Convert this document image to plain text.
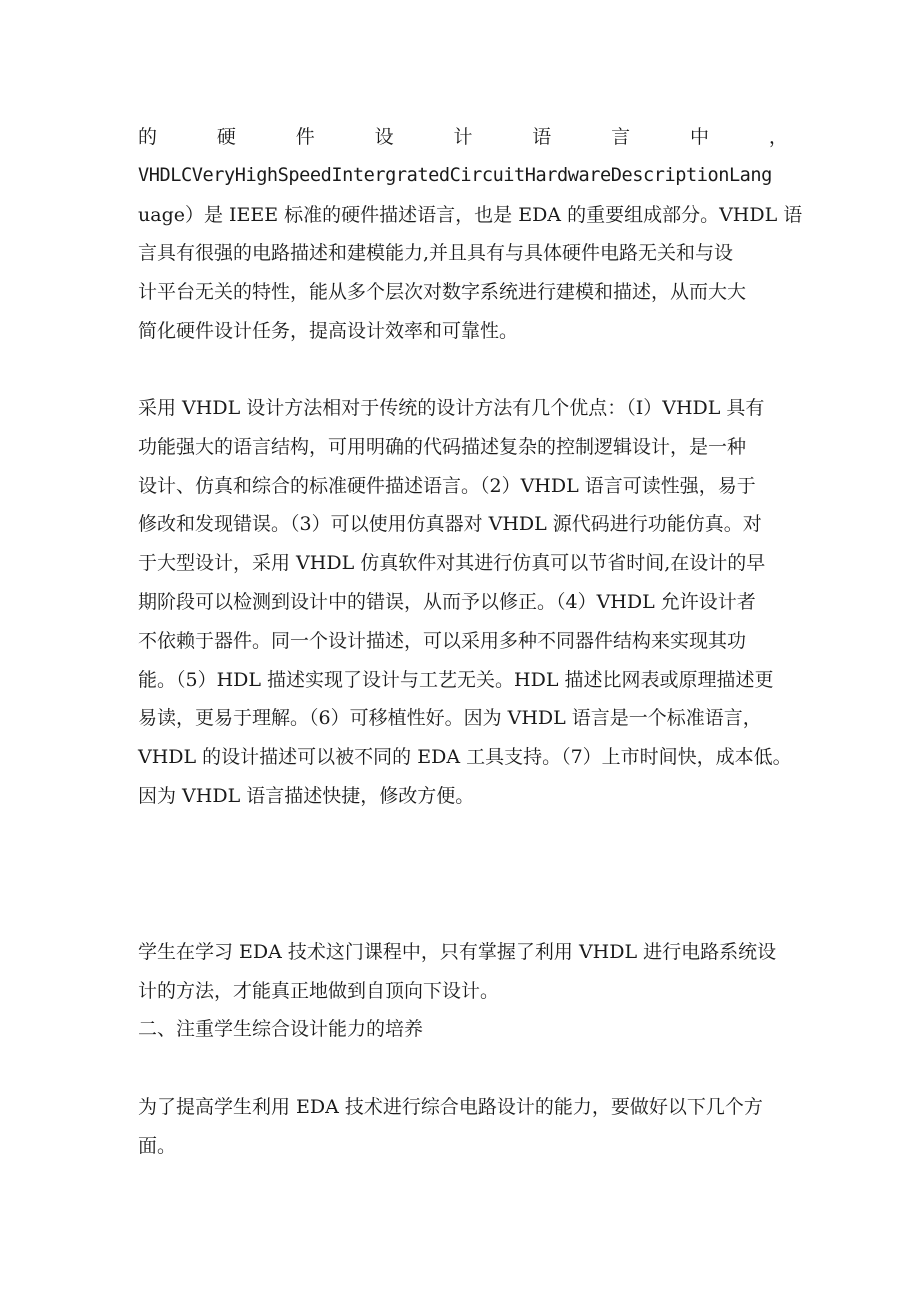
的	硬	件	设	计	语	言	中	，
VHDLCVeryHighSpeedIntergratedCircuitHardwareDescriptionLang
uage）是 IEEE 标准的硬件描述语言，也是 EDA 的重要组成部分。VHDL 语
言具有很强的电路描述和建模能力,并且具有与具体硬件电路无关和与设
计平台无关的特性，能从多个层次对数字系统进行建模和描述，从而大大
简化硬件设计任务，提高设计效率和可靠性。
采用 VHDL 设计方法相对于传统的设计方法有几个优点：（I）VHDL 具有
功能强大的语言结构，可用明确的代码描述复杂的控制逻辑设计，是一种
设计、仿真和综合的标准硬件描述语言。（2）VHDL 语言可读性强，易于
修改和发现错误。（3）可以使用仿真器对 VHDL 源代码进行功能仿真。对
于大型设计，采用 VHDL 仿真软件对其进行仿真可以节省时间,在设计的早
期阶段可以检测到设计中的错误，从而予以修正。（4）VHDL 允许设计者
不依赖于器件。同一个设计描述，可以采用多种不同器件结构来实现其功
能。（5）HDL 描述实现了设计与工艺无关。HDL 描述比网表或原理描述更
易读，更易于理解。（6）可移植性好。因为 VHDL 语言是一个标准语言，
VHDL 的设计描述可以被不同的 EDA 工具支持。（7）上市时间快，成本低。
因为 VHDL 语言描述快捷，修改方便。
学生在学习 EDA 技术这门课程中，只有掌握了利用 VHDL 进行电路系统设
计的方法，才能真正地做到自顶向下设计。
二、注重学生综合设计能力的培养
为了提高学生利用 EDA 技术进行综合电路设计的能力，要做好以下几个方
面。
